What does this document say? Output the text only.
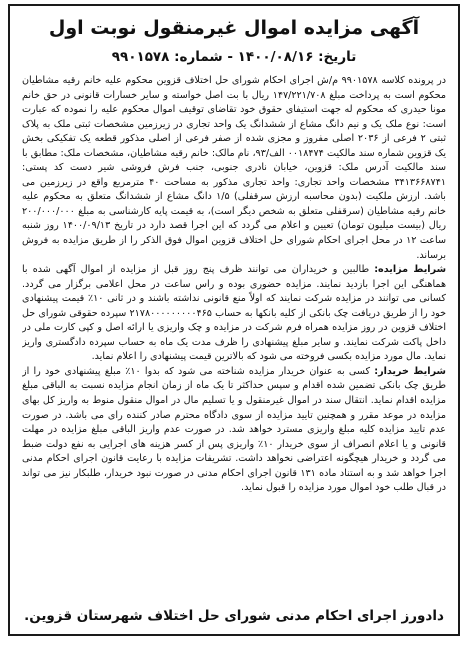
آگهی مزایده اموال غیرمنقول نوبت اول
تاریخ: ۱۴۰۰/۰۸/۱۶ - شماره: ۹۹۰۱۵۷۸

در پرونده کلاسه ۹۹۰۱۵۷۸ م/ش اجرای احکام شورای حل اختلاف قزوین محکوم علیه خانم رقیه مشاطیان محکوم است به پرداخت مبلغ ۱۴۷/۲۲۱/۷۰۸ ریال با بت اصل خواسته و سایر خسارات قانونی در حق خانم مونا حیدری که محکوم له جهت استیفای حقوق خود تقاضای توقیف اموال محکوم علیه را نموده که عبارت است: نوع ملک یک و نیم دانگ مشاع از ششدانگ یک واحد تجاری در زیرزمین مشخصات ثبتی ملک به پلاک ثبتی ۲ فرعی از ۲۰۳۶ اصلی مفروز و مجزی شده از صفر فرعی از اصلی مذکور قطعه یک تفکیکی بخش یک قزوین شماره سند مالکیت ۰۰۱۸۴۷۴ الف/۹۳، نام مالک: خانم رقیه مشاطیان، مشخصات ملک: مطابق با سند مالکیت آدرس ملک: قزوین، خیابان نادری جنوبی، جنب فرش فروشی شیر دست کد پستی: ۳۴۱۳۶۶۸۷۴۱ مشخصات واحد تجاری: واحد تجاری مذکور به مساحت ۴۰ مترمربع واقع در زیرزمین می باشد. ارزش ملکیت (بدون محاسبه ارزش سرقفلی) ۱/۵ دانگ مشاع از ششدانگ متعلق به محکوم علیه خانم رقیه مشاطیان (سرقفلی متعلق به شخص دیگر است)، به قیمت پایه کارشناسی به مبلغ ۲۰۰/۰۰۰/۰۰۰ ریال (بیست میلیون تومان) تعیین و اعلام می گردد که این اجرا قصد دارد در تاریخ ۱۴۰۰/۰۹/۱۳ روز شنبه ساعت ۱۲ در محل اجرای احکام شورای حل اختلاف قزوین اموال فوق الذکر را از طریق مزایده به فروش برساند.

شرایط مزایده: طالبین و خریداران می توانند ظرف پنج روز قبل از مزایده از اموال آگهی شده با هماهنگی این اجرا بازدید نمایند. مزایده حضوری بوده و راس ساعت در محل اعلامی برگزار می گردد. کسانی می توانند در مزایده شرکت نمایند که اولاً منع قانونی نداشته باشند و در ثانی ۱۰٪ قیمت پیشنهادی خود را از طریق دریافت چک بانکی از کلیه بانکها به حساب ۲۱۷۸۰۰۰۰۰۰۰۰۰۴۶۵ سپرده حقوقی شورای حل اختلاف قزوین در روز مزایده همراه فرم شرکت در مزایده و چک واریزی یا ارائه اصل و کپی کارت ملی در داخل پاکت شرکت نمایند. و سایر مبلغ پیشنهادی را ظرف مدت یک ماه به حساب سپرده دادگستری واریز نماید. مال مورد مزایده بکسی فروخته می شود که بالاترین قیمت پیشنهادی را اعلام نماید.

شرایط خریدار: کسی به عنوان خریدار مزایده شناخته می شود که بدوا ۱۰٪ مبلغ پیشنهادی خود را از طریق چک بانکی تضمین شده اقدام و سپس حداکثر تا یک ماه از زمان انجام مزایده نسبت به الباقی مبلغ مزایده اقدام نماید. انتقال سند در اموال غیرمنقول و یا تسلیم مال در اموال منقول منوط به واریز کل بهای مزایده در موعد مقرر و همچنین تایید مزایده از سوی دادگاه محترم صادر کننده رای می باشد. در صورت عدم تایید مزایده کلیه مبلغ واریزی مسترد خواهد شد. در صورت عدم واریز الباقی مبلغ مزایده در مهلت قانونی و یا اعلام انصراف از سوی خریدار ۱۰٪ واریزی پس از کسر هزینه های اجرایی به نفع دولت ضبط می گردد و خریدار هیچگونه اعتراضی نخواهد داشت. تشریفات مزایده با رعایت قانون اجرای احکام مدنی اجرا خواهد شد و به استناد ماده ۱۳۱ قانون اجرای احکام مدنی در صورت نبود خریدار، طلبکار نیز می تواند در قبال طلب خود اموال مورد مزایده را قبول نماید.

دادورز اجرای احکام مدنی شورای حل اختلاف شهرستان قزوین.
